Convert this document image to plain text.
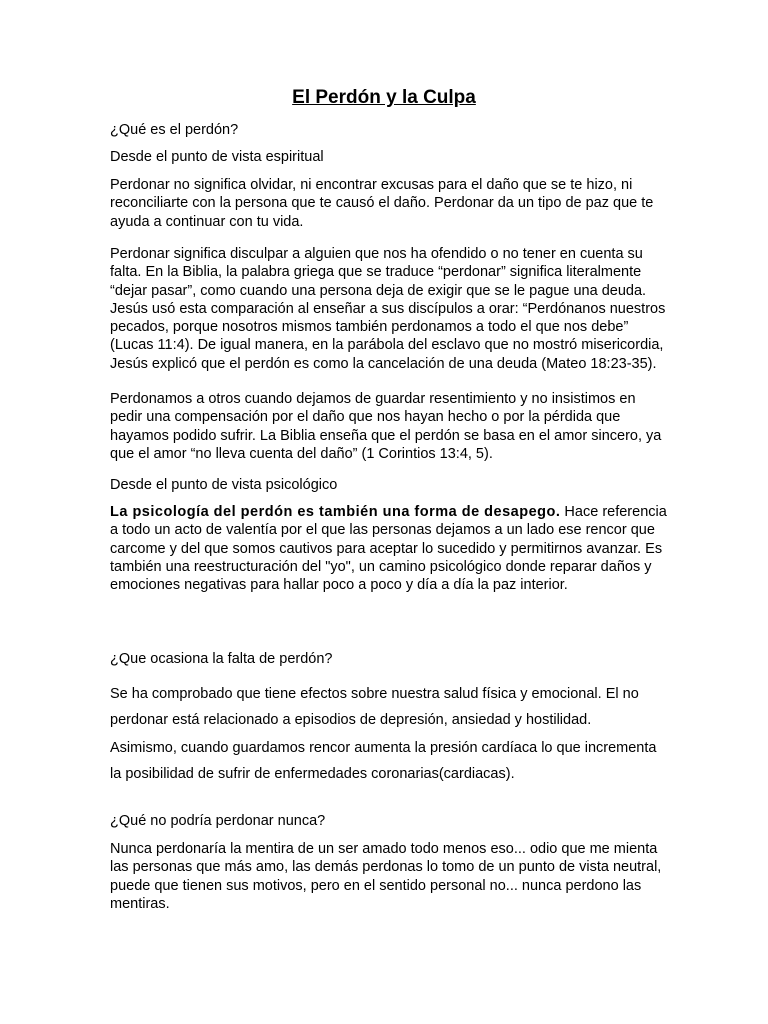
El Perdón y la Culpa

¿Qué es el perdón?

Desde el punto de vista espiritual

Perdonar no significa olvidar, ni encontrar excusas para el daño que se te hizo, ni reconciliarte con la persona que te causó el daño. Perdonar da un tipo de paz que te ayuda a continuar con tu vida.

Perdonar significa disculpar a alguien que nos ha ofendido o no tener en cuenta su falta. En la Biblia, la palabra griega que se traduce “perdonar” significa literalmente “dejar pasar”, como cuando una persona deja de exigir que se le pague una deuda. Jesús usó esta comparación al enseñar a sus discípulos a orar: “Perdónanos nuestros pecados, porque nosotros mismos también perdonamos a todo el que nos debe” (Lucas 11:4). De igual manera, en la parábola del esclavo que no mostró misericordia, Jesús explicó que el perdón es como la cancelación de una deuda (Mateo 18:23-35).

Perdonamos a otros cuando dejamos de guardar resentimiento y no insistimos en pedir una compensación por el daño que nos hayan hecho o por la pérdida que hayamos podido sufrir. La Biblia enseña que el perdón se basa en el amor sincero, ya que el amor “no lleva cuenta del daño” (1 Corintios 13:4, 5).

Desde el punto de vista psicológico

La psicología del perdón es también una forma de desapego. Hace referencia a todo un acto de valentía por el que las personas dejamos a un lado ese rencor que carcome y del que somos cautivos para aceptar lo sucedido y permitirnos avanzar. Es también una reestructuración del "yo", un camino psicológico donde reparar daños y emociones negativas para hallar poco a poco y día a día la paz interior.

¿Que ocasiona la falta de perdón?

Se ha comprobado que tiene efectos sobre nuestra salud física y emocional. El no perdonar está relacionado a episodios de depresión, ansiedad y hostilidad.

Asimismo, cuando guardamos rencor aumenta la presión cardíaca lo que incrementa la posibilidad de sufrir de enfermedades coronarias(cardiacas).

¿Qué no podría perdonar nunca?

Nunca perdonaría la mentira de un ser amado todo menos eso... odio que me mienta las personas que más amo, las demás perdonas lo tomo de un punto de vista neutral, puede que tienen sus motivos, pero en el sentido personal no... nunca perdono las mentiras.
